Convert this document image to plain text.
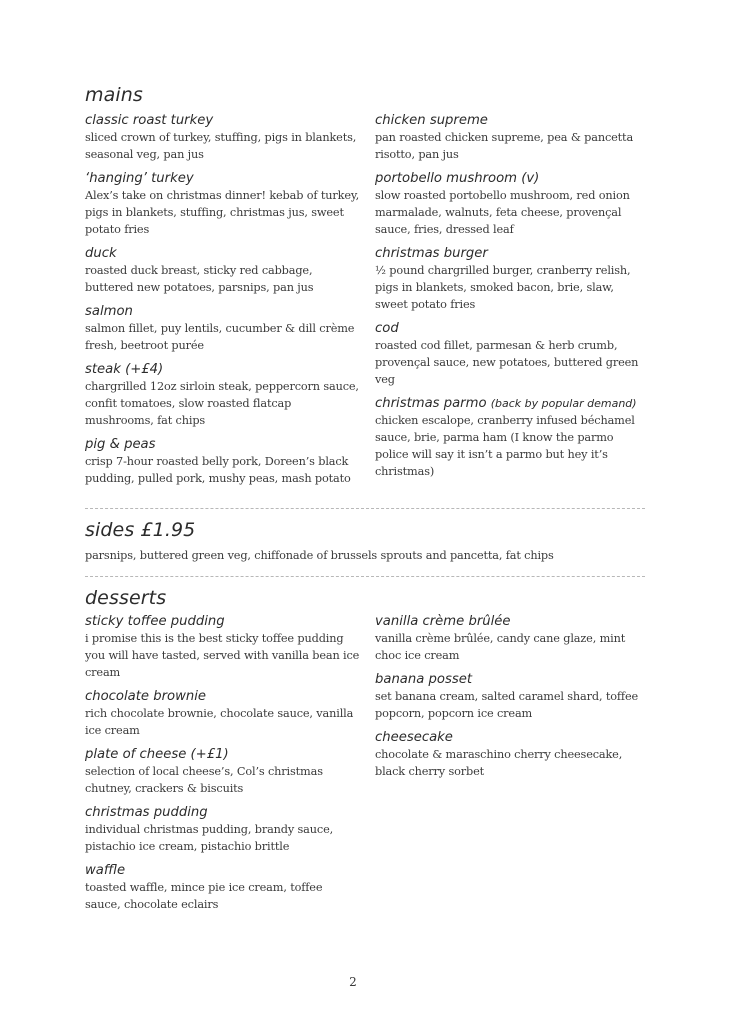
mains
classic roast turkey
sliced crown of turkey, stuffing, pigs in blankets, seasonal veg, pan jus
‘hanging’ turkey
Alex’s take on christmas dinner! kebab of turkey, pigs in blankets, stuffing, christmas jus, sweet potato fries
duck
roasted duck breast, sticky red cabbage, buttered new potatoes, parsnips, pan jus
salmon
salmon fillet, puy lentils, cucumber & dill crème fresh, beetroot purée
steak (+£4)
chargrilled 12oz sirloin steak, peppercorn sauce, confit tomatoes, slow roasted flatcap mushrooms, fat chips
pig & peas
crisp 7-hour roasted belly pork, Doreen’s black pudding, pulled pork, mushy peas, mash potato
chicken supreme
pan roasted chicken supreme, pea & pancetta risotto, pan jus
portobello mushroom (v)
slow roasted portobello mushroom, red onion marmalade, walnuts, feta cheese, provençal sauce, fries, dressed leaf
christmas burger
½ pound chargrilled burger, cranberry relish, pigs in blankets, smoked bacon, brie, slaw, sweet potato fries
cod
roasted cod fillet, parmesan & herb crumb, provençal sauce, new potatoes, buttered green veg
christmas parmo (back by popular demand)
chicken escalope, cranberry infused béchamel sauce, brie, parma ham (I know the parmo police will say it isn’t a parmo but hey it’s christmas)
sides £1.95
parsnips, buttered green veg, chiffonade of brussels sprouts and pancetta, fat chips
desserts
sticky toffee pudding
i promise this is the best sticky toffee pudding you will have tasted, served with vanilla bean ice cream
chocolate brownie
rich chocolate brownie, chocolate sauce, vanilla ice cream
plate of cheese (+£1)
selection of local cheese’s, Col’s christmas chutney, crackers & biscuits
christmas pudding
individual christmas pudding, brandy sauce, pistachio ice cream, pistachio brittle
waffle
toasted waffle, mince pie ice cream, toffee sauce, chocolate eclairs
vanilla crème brûlée
vanilla crème brûlée, candy cane glaze, mint choc ice cream
banana posset
set banana cream, salted caramel shard, toffee popcorn, popcorn ice cream
cheesecake
chocolate & maraschino cherry cheesecake, black cherry sorbet
2
